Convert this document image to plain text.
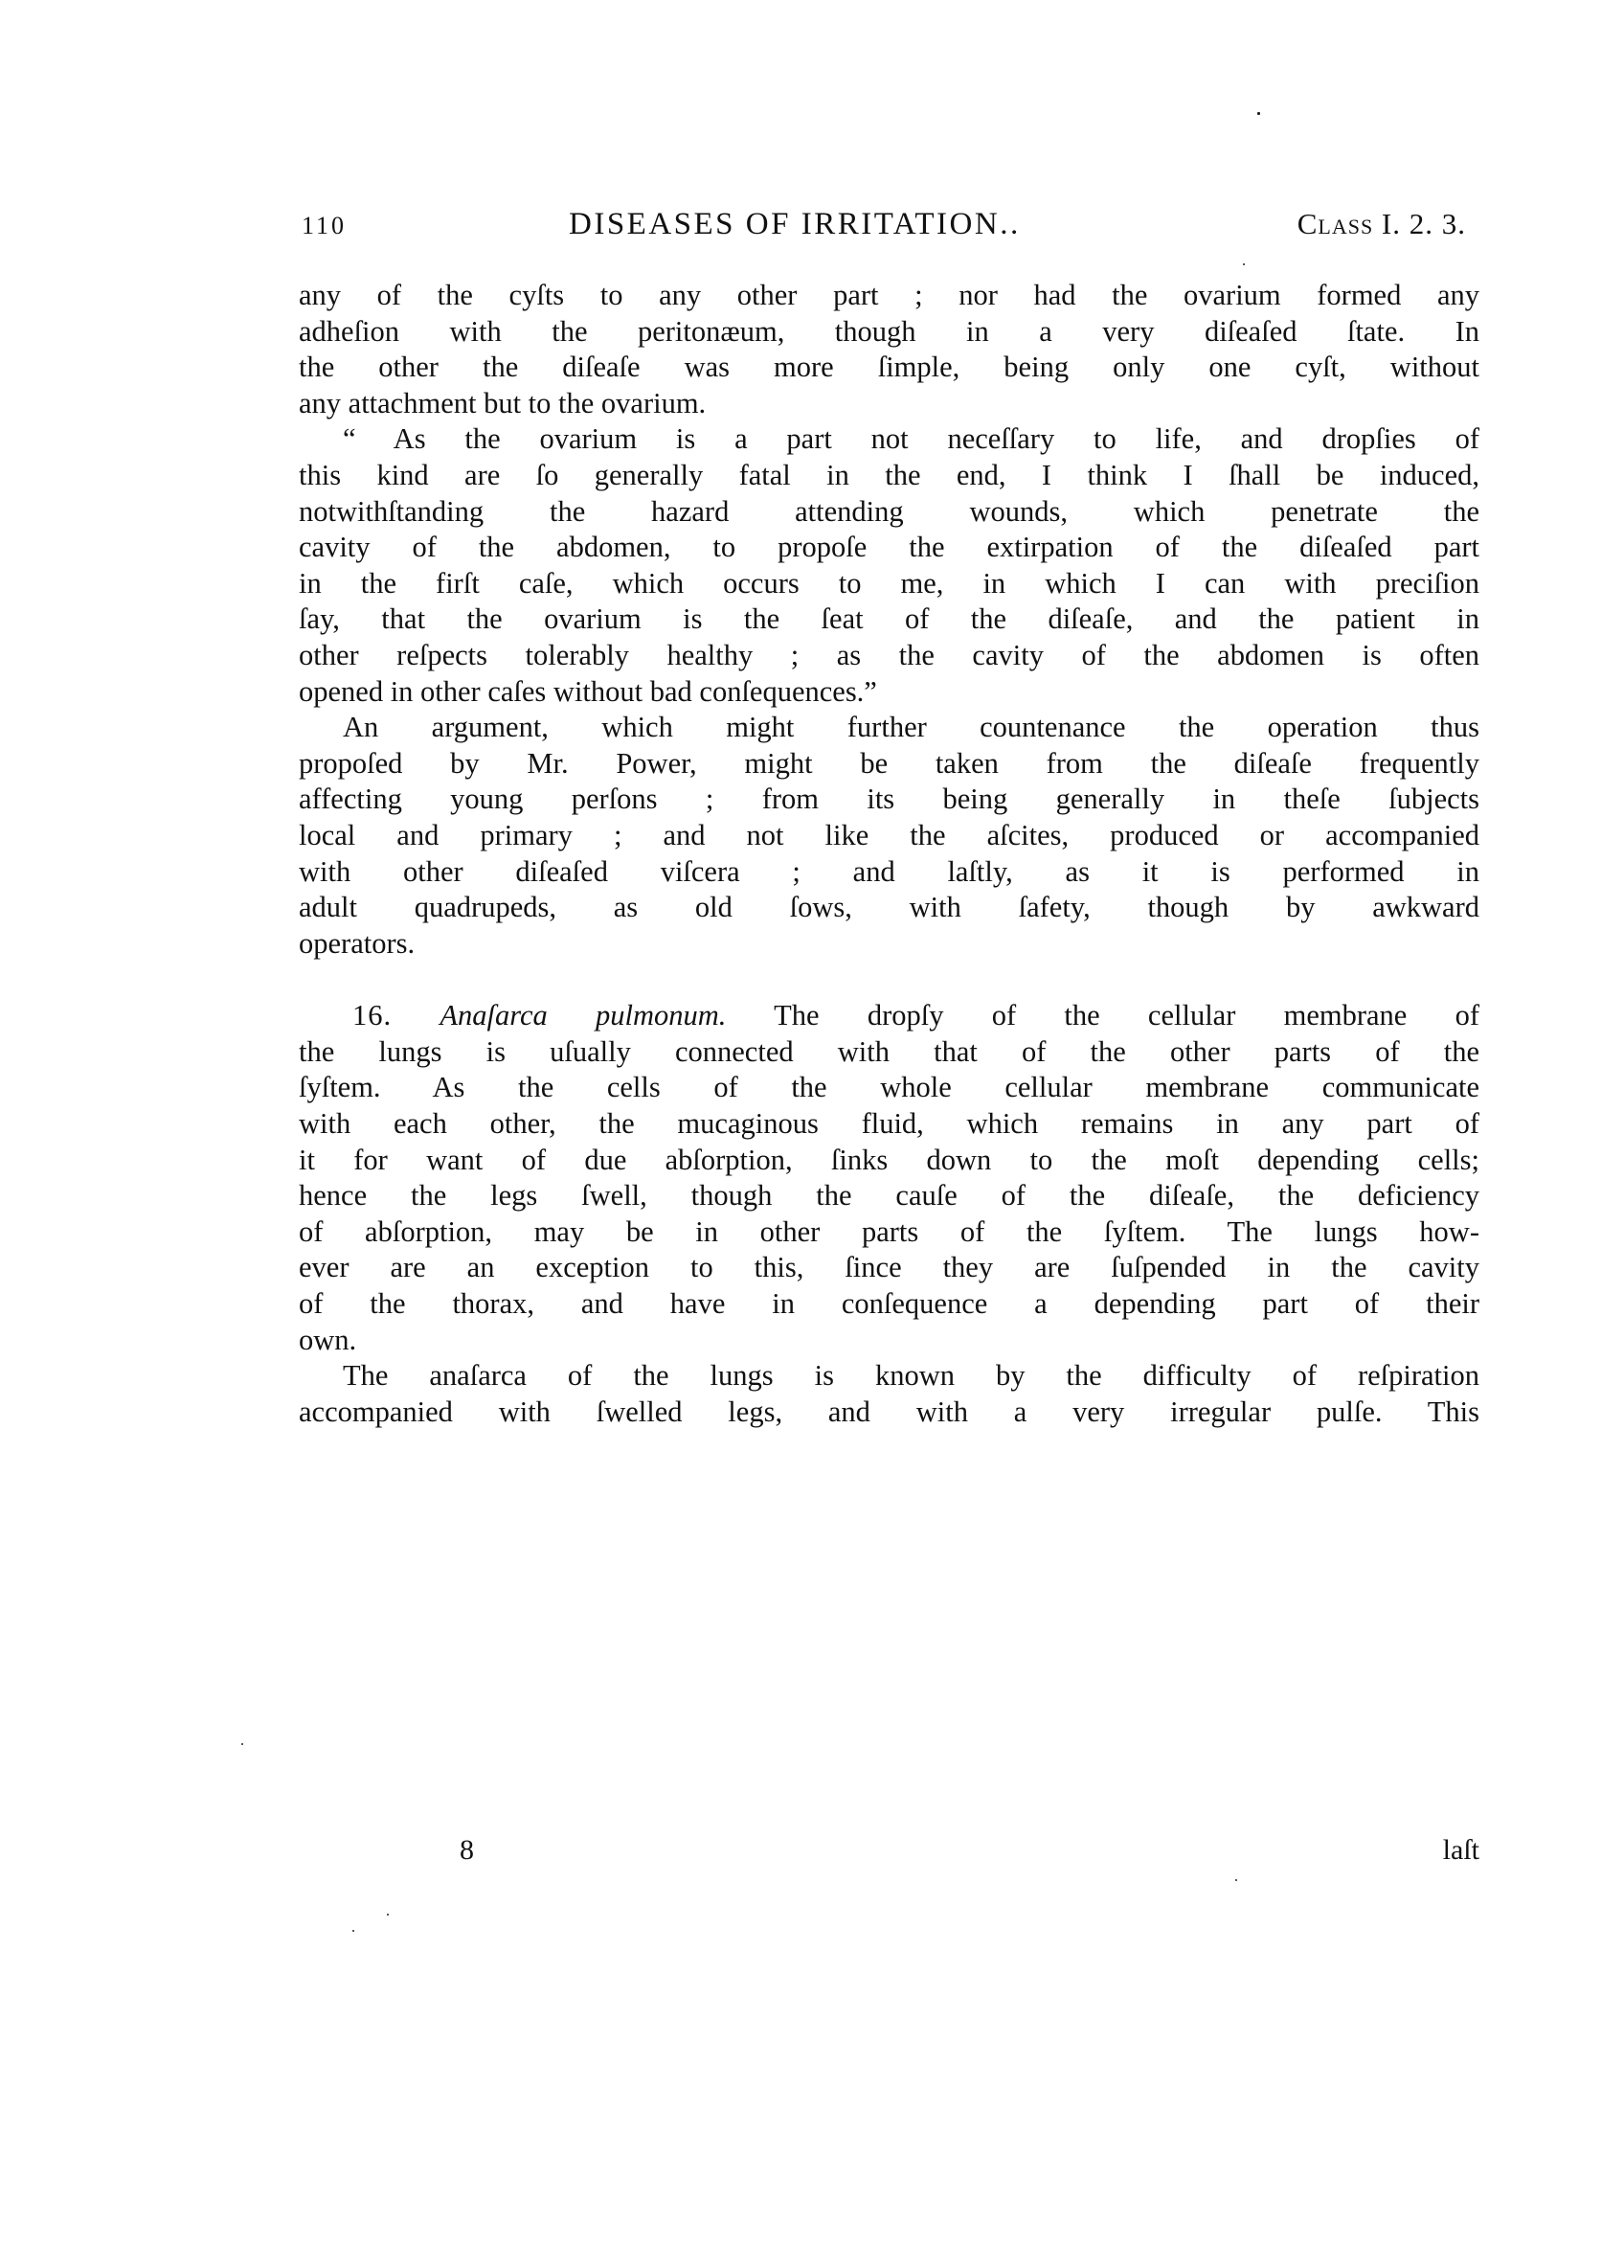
110	DISEASES OF IRRITATION..	Class I. 2. 3.
any of the cyſts to any other part ; nor had the ovarium formed any
adheſion with the peritonæum, though in a very diſeaſed ſtate. In
the other the diſeaſe was more ſimple, being only one cyſt, without
any attachment but to the ovarium.
“ As the ovarium is a part not neceſſary to life, and dropſies of
this kind are ſo generally fatal in the end, I think I ſhall be induced,
notwithſtanding the hazard attending wounds, which penetrate the
cavity of the abdomen, to propoſe the extirpation of the diſeaſed part
in the firſt caſe, which occurs to me, in which I can with preciſion
ſay, that the ovarium is the ſeat of the diſeaſe, and the patient in
other reſpects tolerably healthy ; as the cavity of the abdomen is often
opened in other caſes without bad conſequences.”
An argument, which might further countenance the operation thus
propoſed by Mr. Power, might be taken from the diſeaſe frequently
affecting young perſons ; from its being generally in theſe ſubjects
local and primary ; and not like the aſcites, produced or accompanied
with other diſeaſed viſcera ; and laſtly, as it is performed in
adult quadrupeds, as old ſows, with ſafety, though by awkward
operators.
16. Anaſarca pulmonum. The dropſy of the cellular membrane of
the lungs is uſually connected with that of the other parts of the
ſyſtem. As the cells of the whole cellular membrane communicate
with each other, the mucaginous fluid, which remains in any part of
it for want of due abſorption, ſinks down to the moſt depending cells;
hence the legs ſwell, though the cauſe of the diſeaſe, the deficiency
of abſorption, may be in other parts of the ſyſtem. The lungs how-
ever are an exception to this, ſince they are ſuſpended in the cavity
of the thorax, and have in conſequence a depending part of their
own.
The anaſarca of the lungs is known by the difficulty of reſpiration
accompanied with ſwelled legs, and with a very irregular pulſe. This
8	laſt
